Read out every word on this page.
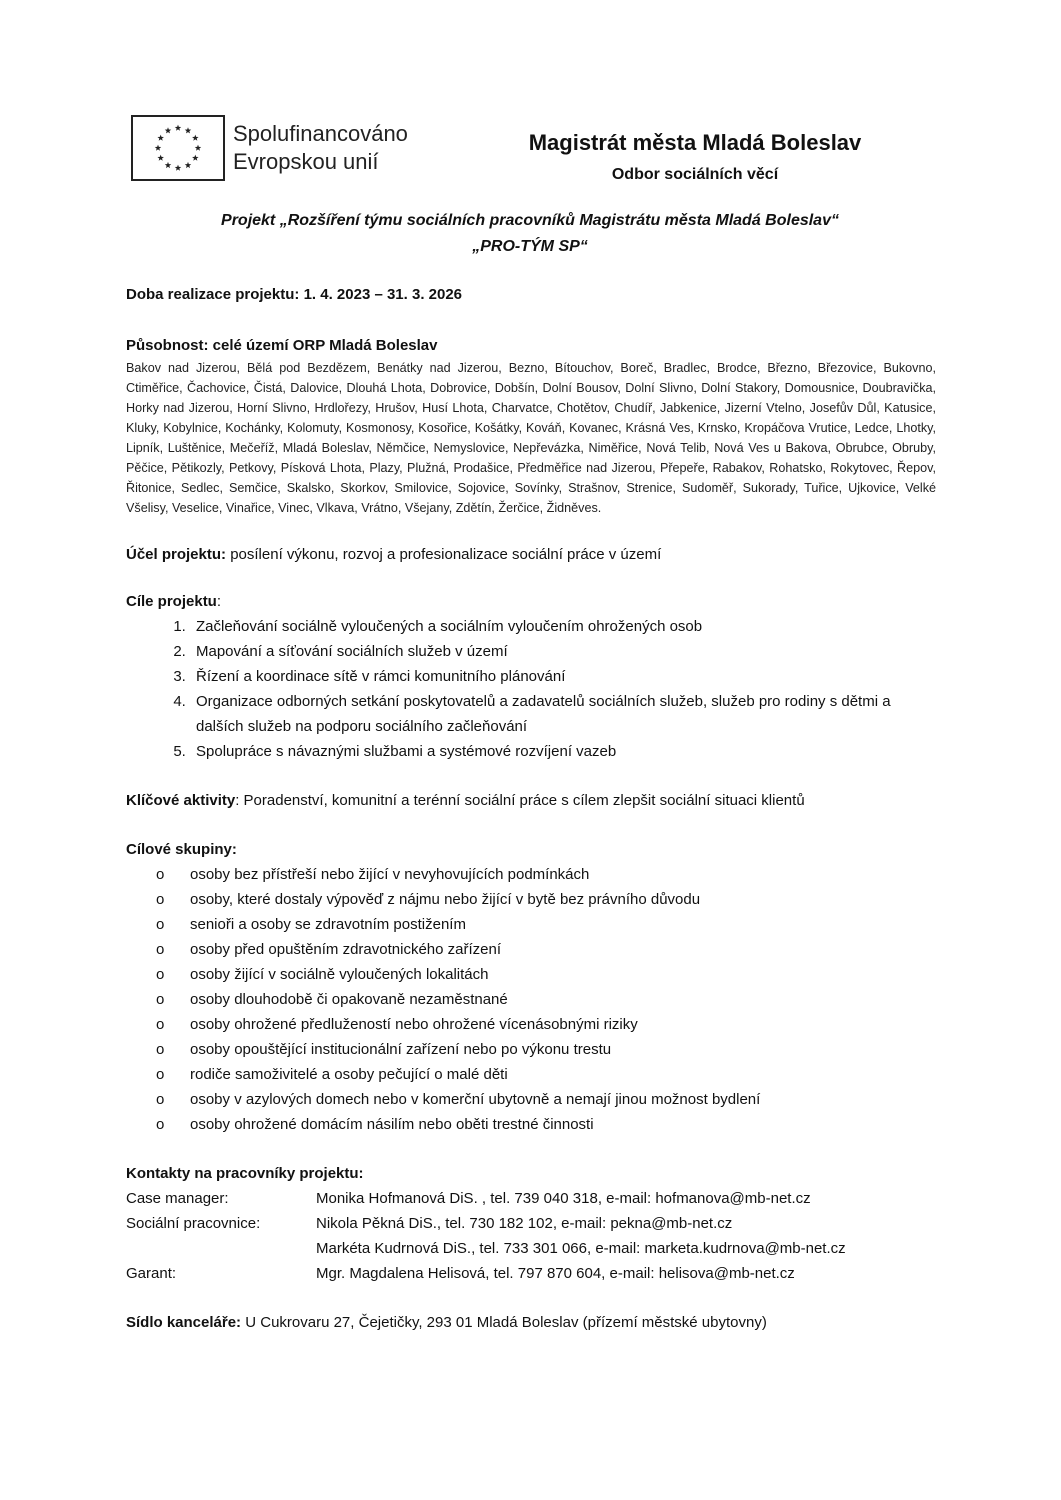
Spolufinancováno
Evropskou unií
Magistrát města Mladá Boleslav
Odbor sociálních věcí
Projekt „Rozšíření týmu sociálních pracovníků Magistrátu města Mladá Boleslav“
„PRO-TÝM SP“
Doba realizace projektu: 1. 4. 2023 – 31. 3. 2026
Působnost: celé území ORP Mladá Boleslav
Bakov nad Jizerou, Bělá pod Bezdězem, Benátky nad Jizerou, Bezno, Bítouchov, Boreč, Bradlec, Brodce, Březno, Březovice, Bukovno, Ctiměřice, Čachovice, Čistá, Dalovice, Dlouhá Lhota, Dobrovice, Dobšín, Dolní Bousov, Dolní Slivno, Dolní Stakory, Domousnice, Doubravička, Horky nad Jizerou, Horní Slivno, Hrdlořezy, Hrušov, Husí Lhota, Charvatce, Chotětov, Chudíř, Jabkenice, Jizerní Vtelno, Josefův Důl, Katusice, Kluky, Kobylnice, Kochánky, Kolomuty, Kosmonosy, Kosořice, Košátky, Kováň, Kovanec, Krásná Ves, Krnsko, Kropáčova Vrutice, Ledce, Lhotky, Lipník, Luštěnice, Mečeříž, Mladá Boleslav, Němčice, Nemyslovice, Nepřevázka, Niměřice, Nová Telib, Nová Ves u Bakova, Obrubce, Obruby, Pěčice, Pětikozly, Petkovy, Písková Lhota, Plazy, Plužná, Prodašice, Předměřice nad Jizerou, Přepeře, Rabakov, Rohatsko, Rokytovec, Řepov, Řitonice, Sedlec, Semčice, Skalsko, Skorkov, Smilovice, Sojovice, Sovínky, Strašnov, Strenice, Sudoměř, Sukorady, Tuřice, Ujkovice, Velké Všelisy, Veselice, Vinařice, Vinec, Vlkava, Vrátno, Všejany, Zdětín, Žerčice, Židněves.
Účel projektu: posílení výkonu, rozvoj a profesionalizace sociální práce v území
Cíle projektu:
1. Začleňování sociálně vyloučených a sociálním vyloučením ohrožených osob
2. Mapování a síťování sociálních služeb v území
3. Řízení a koordinace sítě v rámci komunitního plánování
4. Organizace odborných setkání poskytovatelů a zadavatelů sociálních služeb, služeb pro rodiny s dětmi a dalších služeb na podporu sociálního začleňování
5. Spolupráce s návaznými službami a systémové rozvíjení vazeb
Klíčové aktivity: Poradenství, komunitní a terénní sociální práce s cílem zlepšit sociální situaci klientů
Cílové skupiny:
o	osoby bez přístřeší nebo žijící v nevyhovujících podmínkách
o	osoby, které dostaly výpověď z nájmu nebo žijící v bytě bez právního důvodu
o	senioři a osoby se zdravotním postižením
o	osoby před opuštěním zdravotnického zařízení
o	osoby žijící v sociálně vyloučených lokalitách
o	osoby dlouhodobě či opakovaně nezaměstnané
o	osoby ohrožené předlužeností nebo ohrožené vícenásobnými riziky
o	osoby opouštějící institucionální zařízení nebo po výkonu trestu
o	rodiče samoživitelé a osoby pečující o malé děti
o	osoby v azylových domech nebo v komerční ubytovně a nemají jinou možnost bydlení
o	osoby ohrožené domácím násilím nebo oběti trestné činnosti
Kontakty na pracovníky projektu:
Case manager:	Monika Hofmanová DiS. , tel. 739 040 318, e-mail: hofmanova@mb-net.cz
Sociální pracovnice:	Nikola Pěkná DiS., tel. 730 182 102, e-mail: pekna@mb-net.cz
	Markéta Kudrnová DiS., tel. 733 301 066, e-mail: marketa.kudrnova@mb-net.cz
Garant:	Mgr. Magdalena Helisová, tel. 797 870 604, e-mail: helisova@mb-net.cz
Sídlo kanceláře: U Cukrovaru 27, Čejetičky, 293 01 Mladá Boleslav (přízemí městské ubytovny)
